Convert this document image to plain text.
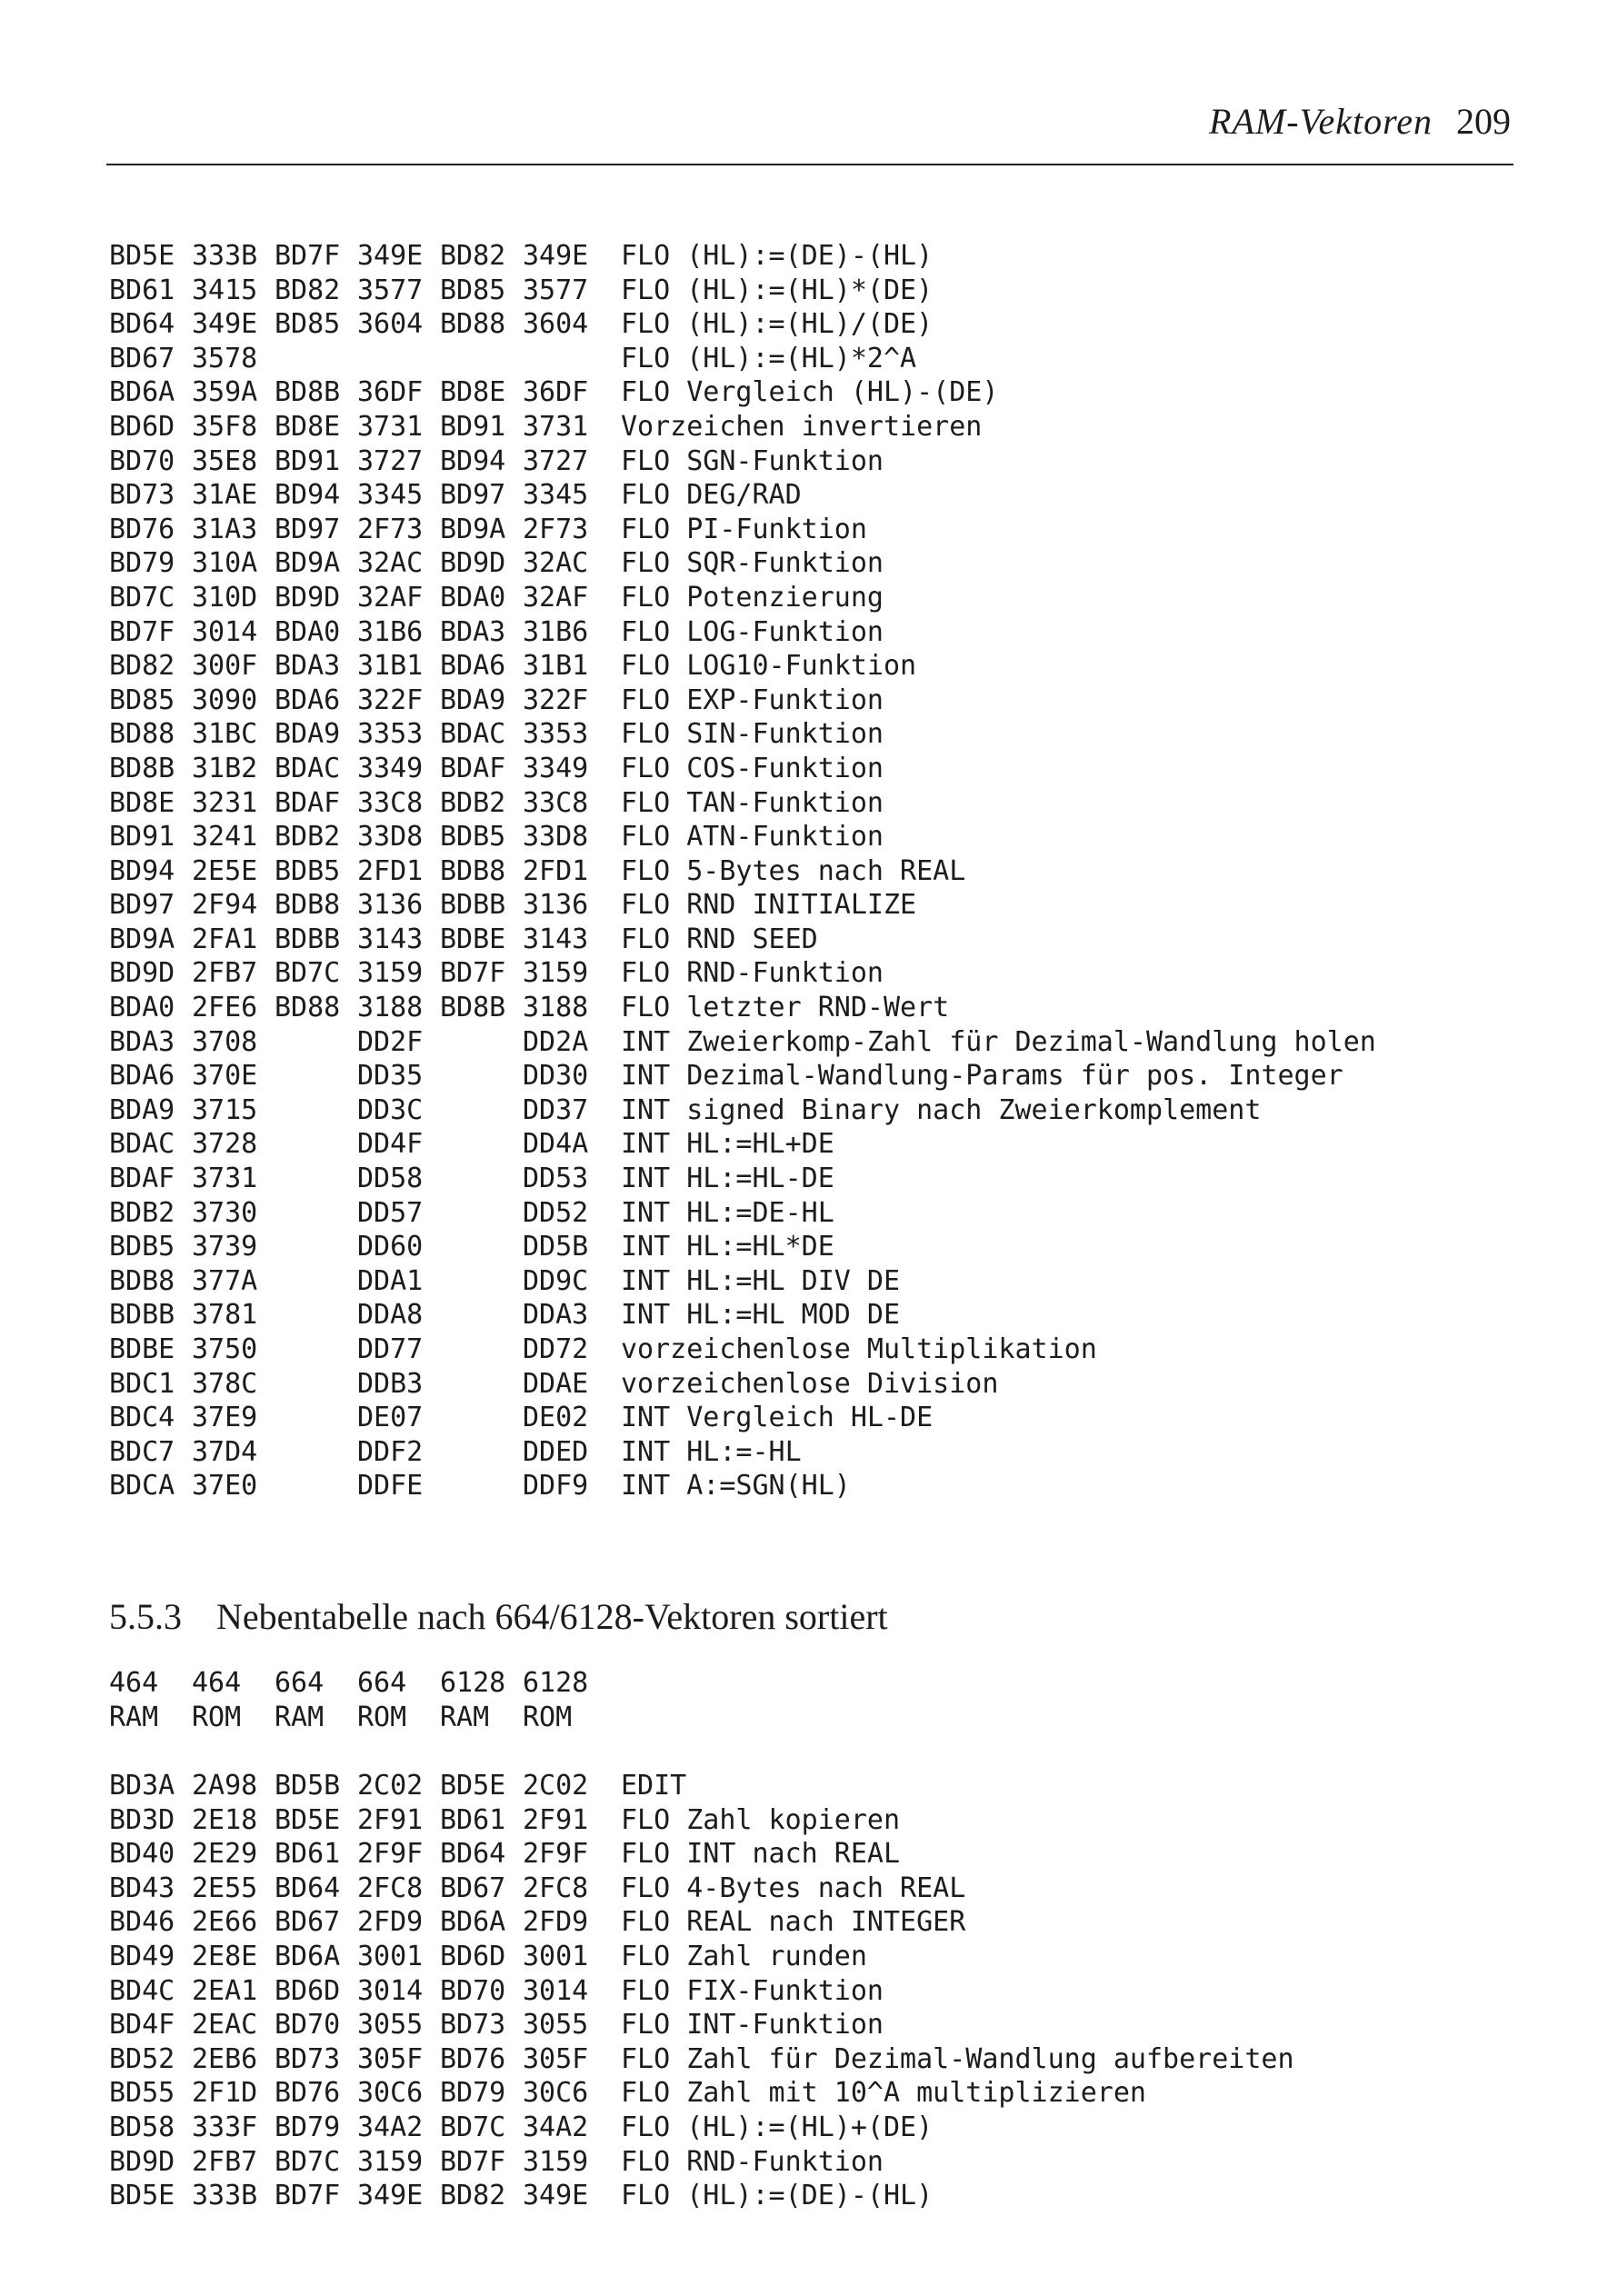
RAM-Vektoren 209
BD5E 333B BD7F 349E BD82 349E	FLO (HL):=(DE)-(HL)
BD61 3415 BD82 3577 BD85 3577	FLO (HL):=(HL)*(DE)
BD64 349E BD85 3604 BD88 3604	FLO (HL):=(HL)/(DE)
BD67 3578	FLO (HL):=(HL)*2^A
BD6A 359A BD8B 36DF BD8E 36DF	FLO Vergleich (HL)-(DE)
BD6D 35F8 BD8E 3731 BD91 3731	Vorzeichen invertieren
BD70 35E8 BD91 3727 BD94 3727	FLO SGN-Funktion
BD73 31AE BD94 3345 BD97 3345	FLO DEG/RAD
BD76 31A3 BD97 2F73 BD9A 2F73	FLO PI-Funktion
BD79 310A BD9A 32AC BD9D 32AC	FLO SQR-Funktion
BD7C 310D BD9D 32AF BDA0 32AF	FLO Potenzierung
BD7F 3014 BDA0 31B6 BDA3 31B6	FLO LOG-Funktion
BD82 300F BDA3 31B1 BDA6 31B1	FLO LOG10-Funktion
BD85 3090 BDA6 322F BDA9 322F	FLO EXP-Funktion
BD88 31BC BDA9 3353 BDAC 3353	FLO SIN-Funktion
BD8B 31B2 BDAC 3349 BDAF 3349	FLO COS-Funktion
BD8E 3231 BDAF 33C8 BDB2 33C8	FLO TAN-Funktion
BD91 3241 BDB2 33D8 BDB5 33D8	FLO ATN-Funktion
BD94 2E5E BDB5 2FD1 BDB8 2FD1	FLO 5-Bytes nach REAL
BD97 2F94 BDB8 3136 BDBB 3136	FLO RND INITIALIZE
BD9A 2FA1 BDBB 3143 BDBE 3143	FLO RND SEED
BD9D 2FB7 BD7C 3159 BD7F 3159	FLO RND-Funktion
BDA0 2FE6 BD88 3188 BD8B 3188	FLO letzter RND-Wert
BDA3 3708	DD2F	DD2A	INT Zweierkomp-Zahl für Dezimal-Wandlung holen
BDA6 370E	DD35	DD30	INT Dezimal-Wandlung-Params für pos. Integer
BDA9 3715	DD3C	DD37	INT signed Binary nach Zweierkomplement
BDAC 3728	DD4F	DD4A	INT HL:=HL+DE
BDAF 3731	DD58	DD53	INT HL:=HL-DE
BDB2 3730	DD57	DD52	INT HL:=DE-HL
BDB5 3739	DD60	DD5B	INT HL:=HL*DE
BDB8 377A	DDA1	DD9C	INT HL:=HL DIV DE
BDBB 3781	DDA8	DDA3	INT HL:=HL MOD DE
BDBE 3750	DD77	DD72	vorzeichenlose Multiplikation
BDC1 378C	DDB3	DDAE	vorzeichenlose Division
BDC4 37E9	DE07	DE02	INT Vergleich HL-DE
BDC7 37D4	DDF2	DDED	INT HL:=-HL
BDCA 37E0	DDFE	DDF9	INT A:=SGN(HL)
5.5.3 Nebentabelle nach 664/6128-Vektoren sortiert
464	464	664	664	6128 6128
RAM	ROM	RAM	ROM	RAM	ROM
BD3A 2A98 BD5B 2C02 BD5E 2C02	EDIT
BD3D 2E18 BD5E 2F91 BD61 2F91	FLO Zahl kopieren
BD40 2E29 BD61 2F9F BD64 2F9F	FLO INT nach REAL
BD43 2E55 BD64 2FC8 BD67 2FC8	FLO 4-Bytes nach REAL
BD46 2E66 BD67 2FD9 BD6A 2FD9	FLO REAL nach INTEGER
BD49 2E8E BD6A 3001 BD6D 3001	FLO Zahl runden
BD4C 2EA1 BD6D 3014 BD70 3014	FLO FIX-Funktion
BD4F 2EAC BD70 3055 BD73 3055	FLO INT-Funktion
BD52 2EB6 BD73 305F BD76 305F	FLO Zahl für Dezimal-Wandlung aufbereiten
BD55 2F1D BD76 30C6 BD79 30C6	FLO Zahl mit 10^A multiplizieren
BD58 333F BD79 34A2 BD7C 34A2	FLO (HL):=(HL)+(DE)
BD9D 2FB7 BD7C 3159 BD7F 3159	FLO RND-Funktion
BD5E 333B BD7F 349E BD82 349E	FLO (HL):=(DE)-(HL)
